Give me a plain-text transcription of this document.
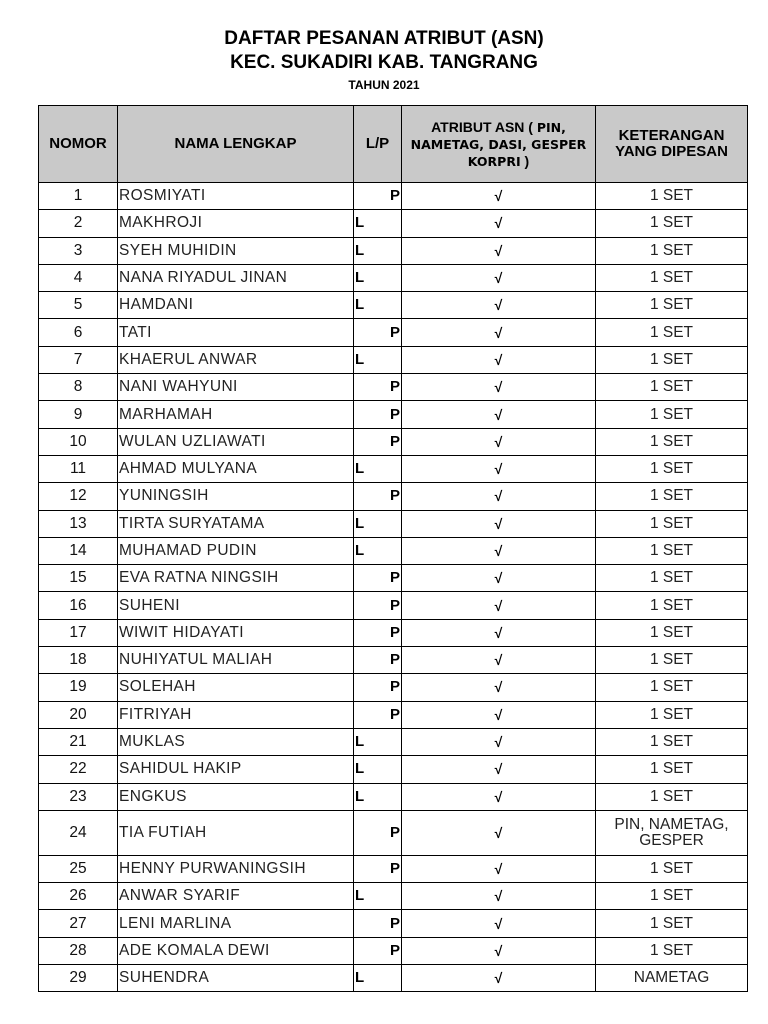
DAFTAR PESANAN ATRIBUT (ASN)
KEC. SUKADIRI KAB. TANGRANG
TAHUN 2021
NOMOR	NAMA LENGKAP	L/P	ATRIBUT ASN ( PIN, NAMETAG, DASI, GESPER KORPRI )	KETERANGAN YANG DIPESAN
1	ROSMIYATI	P	√	1 SET
2	MAKHROJI	L	√	1 SET
3	SYEH MUHIDIN	L	√	1 SET
4	NANA RIYADUL JINAN	L	√	1 SET
5	HAMDANI	L	√	1 SET
6	TATI	P	√	1 SET
7	KHAERUL ANWAR	L	√	1 SET
8	NANI WAHYUNI	P	√	1 SET
9	MARHAMAH	P	√	1 SET
10	WULAN UZLIAWATI	P	√	1 SET
11	AHMAD MULYANA	L	√	1 SET
12	YUNINGSIH	P	√	1 SET
13	TIRTA SURYATAMA	L	√	1 SET
14	MUHAMAD PUDIN	L	√	1 SET
15	EVA RATNA NINGSIH	P	√	1 SET
16	SUHENI	P	√	1 SET
17	WIWIT HIDAYATI	P	√	1 SET
18	NUHIYATUL MALIAH	P	√	1 SET
19	SOLEHAH	P	√	1 SET
20	FITRIYAH	P	√	1 SET
21	MUKLAS	L	√	1 SET
22	SAHIDUL HAKIP	L	√	1 SET
23	ENGKUS	L	√	1 SET
24	TIA FUTIAH	P	√	PIN, NAMETAG, GESPER
25	HENNY PURWANINGSIH	P	√	1 SET
26	ANWAR SYARIF	L	√	1 SET
27	LENI MARLINA	P	√	1 SET
28	ADE KOMALA DEWI	P	√	1 SET
29	SUHENDRA	L	√	NAMETAG
